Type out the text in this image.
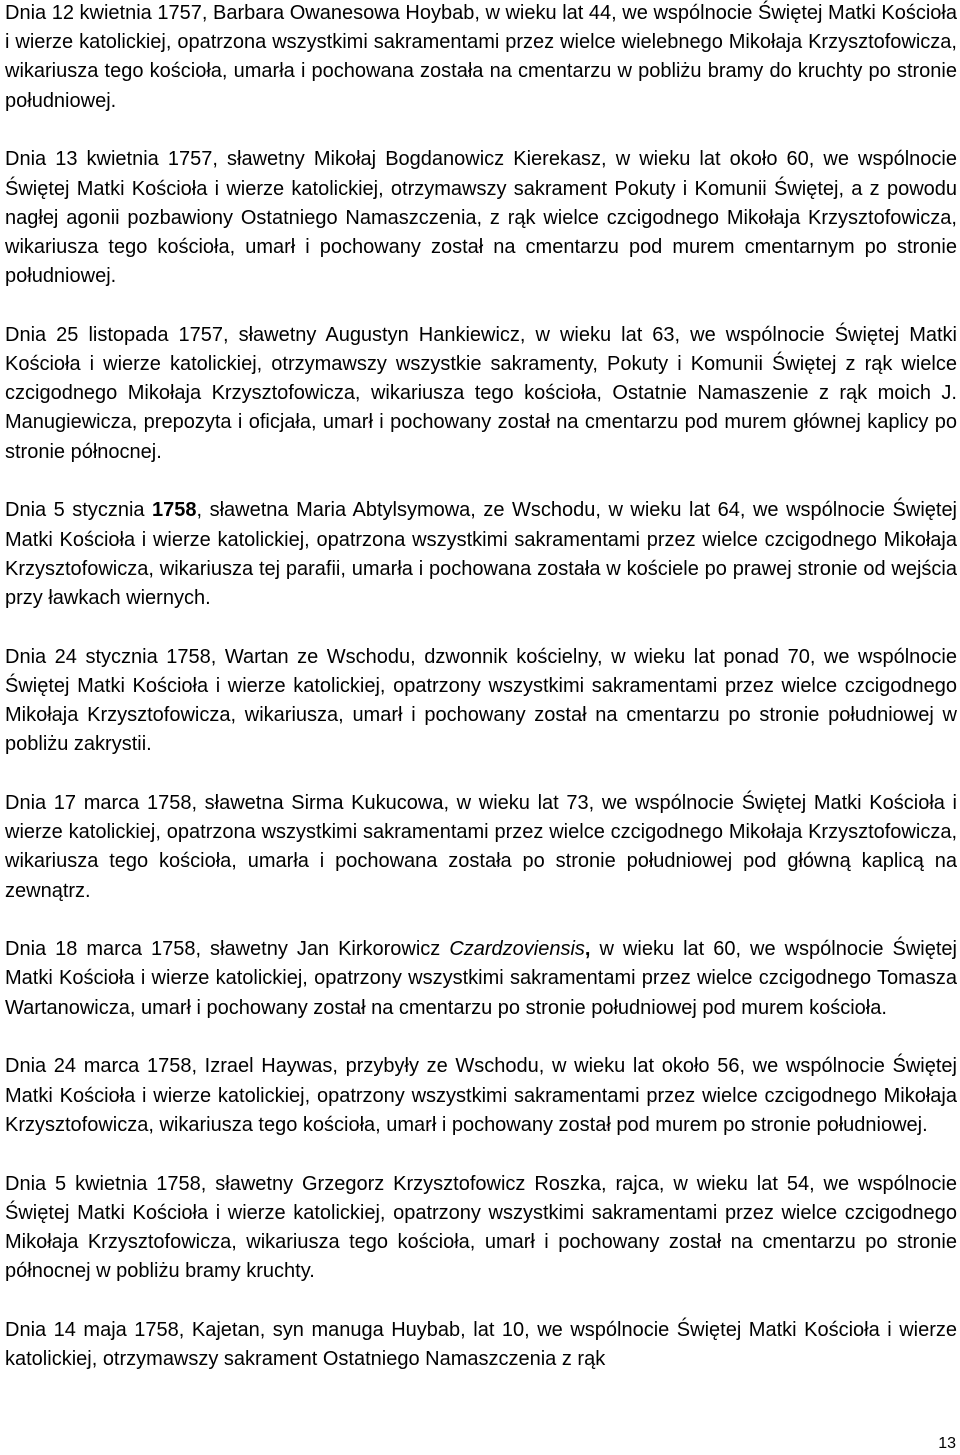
Dnia 12 kwietnia 1757, Barbara Owanesowa Hoybab, w wieku lat 44, we wspólnocie Świętej Matki Kościoła i wierze katolickiej, opatrzona wszystkimi sakramentami przez wielce wielebnego Mikołaja Krzysztofowicza, wikariusza tego kościoła, umarła i pochowana została na cmentarzu w pobliżu bramy do kruchty po stronie południowej.

Dnia 13 kwietnia 1757, sławetny Mikołaj Bogdanowicz Kierekasz, w wieku lat około 60, we wspólnocie Świętej Matki Kościoła i wierze katolickiej, otrzymawszy sakrament Pokuty i Komunii Świętej, a z powodu nagłej agonii pozbawiony Ostatniego Namaszczenia, z rąk wielce czcigodnego Mikołaja Krzysztofowicza, wikariusza tego kościoła, umarł i pochowany został na cmentarzu pod murem cmentarnym po stronie południowej.

Dnia 25 listopada 1757, sławetny Augustyn Hankiewicz, w wieku lat 63, we wspólnocie Świętej Matki Kościoła i wierze katolickiej, otrzymawszy wszystkie sakramenty, Pokuty i Komunii Świętej z rąk wielce czcigodnego Mikołaja Krzysztofowicza, wikariusza tego kościoła, Ostatnie Namaszenie z rąk moich J. Manugiewicza, prepozyta i oficjała, umarł i pochowany został na cmentarzu pod murem głównej kaplicy po stronie północnej.

Dnia 5 stycznia 1758, sławetna Maria Abtylsymowa, ze Wschodu, w wieku lat 64, we wspólnocie Świętej Matki Kościoła i wierze katolickiej, opatrzona wszystkimi sakramentami przez wielce czcigodnego Mikołaja Krzysztofowicza, wikariusza tej parafii, umarła i pochowana została w kościele po prawej stronie od wejścia przy ławkach wiernych.

Dnia 24 stycznia 1758, Wartan ze Wschodu, dzwonnik kościelny, w wieku lat ponad 70, we wspólnocie Świętej Matki Kościoła i wierze katolickiej, opatrzony wszystkimi sakramentami przez wielce czcigodnego Mikołaja Krzysztofowicza, wikariusza, umarł i pochowany został na cmentarzu po stronie południowej w pobliżu zakrystii.

Dnia 17 marca 1758, sławetna Sirma Kukucowa, w wieku lat 73, we wspólnocie Świętej Matki Kościoła i wierze katolickiej, opatrzona wszystkimi sakramentami przez wielce czcigodnego Mikołaja Krzysztofowicza, wikariusza tego kościoła, umarła i pochowana została po stronie południowej pod główną kaplicą na zewnątrz.

Dnia 18 marca 1758, sławetny Jan Kirkorowicz Czardzoviensis, w wieku lat 60, we wspólnocie Świętej Matki Kościoła i wierze katolickiej, opatrzony wszystkimi sakramentami przez wielce czcigodnego Tomasza Wartanowicza, umarł i pochowany został na cmentarzu po stronie południowej pod murem kościoła.

Dnia 24 marca 1758, Izrael Haywas, przybyły ze Wschodu, w wieku lat około 56, we wspólnocie Świętej Matki Kościoła i wierze katolickiej, opatrzony wszystkimi sakramentami przez wielce czcigodnego Mikołaja Krzysztofowicza, wikariusza tego kościoła, umarł i pochowany został pod murem po stronie południowej.

Dnia 5 kwietnia 1758, sławetny Grzegorz Krzysztofowicz Roszka, rajca, w wieku lat 54, we wspólnocie Świętej Matki Kościoła i wierze katolickiej, opatrzony wszystkimi sakramentami przez wielce czcigodnego Mikołaja Krzysztofowicza, wikariusza tego kościoła, umarł i pochowany został na cmentarzu po stronie północnej w pobliżu bramy kruchty.

Dnia 14 maja 1758, Kajetan, syn manuga Huybab, lat 10, we wspólnocie Świętej Matki Kościoła i wierze katolickiej, otrzymawszy sakrament Ostatniego Namaszczenia z rąk

13
